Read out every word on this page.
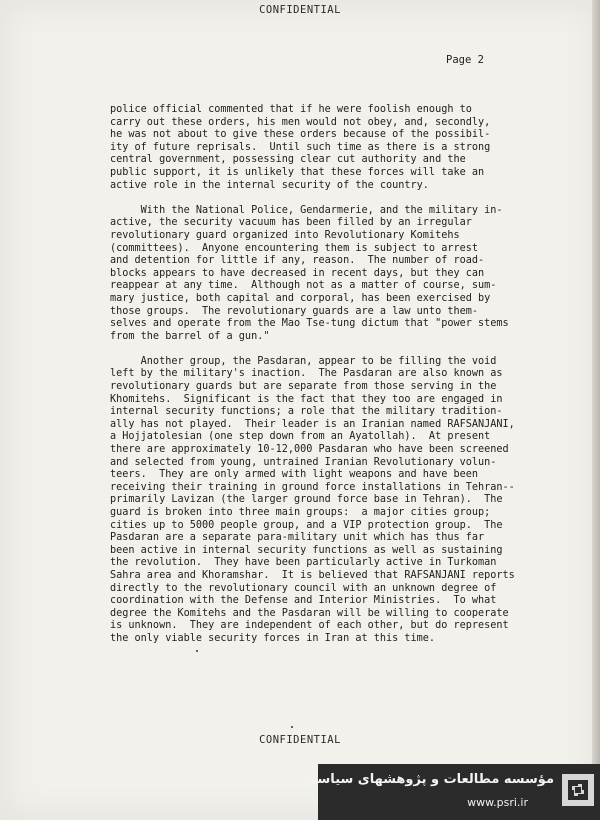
CONFIDENTIAL
Page 2

police official commented that if he were foolish enough to
carry out these orders, his men would not obey, and, secondly,
he was not about to give these orders because of the possibil-
ity of future reprisals.  Until such time as there is a strong
central government, possessing clear cut authority and the
public support, it is unlikely that these forces will take an
active role in the internal security of the country.

With the National Police, Gendarmerie, and the military in-
active, the security vacuum has been filled by an irregular
revolutionary guard organized into Revolutionary Komitehs
(committees).  Anyone encountering them is subject to arrest
and detention for little if any, reason.  The number of road-
blocks appears to have decreased in recent days, but they can
reappear at any time.  Although not as a matter of course, sum-
mary justice, both capital and corporal, has been exercised by
those groups.  The revolutionary guards are a law unto them-
selves and operate from the Mao Tse-tung dictum that "power stems
from the barrel of a gun."

Another group, the Pasdaran, appear to be filling the void
left by the military's inaction.  The Pasdaran are also known as
revolutionary guards but are separate from those serving in the
Khomitehs.  Significant is the fact that they too are engaged in
internal security functions; a role that the military tradition-
ally has not played.  Their leader is an Iranian named RAFSANJANI,
a Hojjatolesian (one step down from an Ayatollah).  At present
there are approximately 10-12,000 Pasdaran who have been screened
and selected from young, untrained Iranian Revolutionary volun-
teers.  They are only armed with light weapons and have been
receiving their training in ground force installations in Tehran--
primarily Lavizan (the larger ground force base in Tehran).  The
guard is broken into three main groups:  a major cities group;
cities up to 5000 people group, and a VIP protection group.  The
Pasdaran are a separate para-military unit which has thus far
been active in internal security functions as well as sustaining
the revolution.  They have been particularly active in Turkoman
Sahra area and Khoramshar.  It is believed that RAFSANJANI reports
directly to the revolutionary council with an unknown degree of
coordination with the Defense and Interior Ministries.  To what
degree the Komitehs and the Pasdaran will be willing to cooperate
is unknown.  They are independent of each other, but do represent
the only viable security forces in Iran at this time.

CONFIDENTIAL
مؤسسه مطالعات و پژوهشهای سیاسی
www.psri.ir
